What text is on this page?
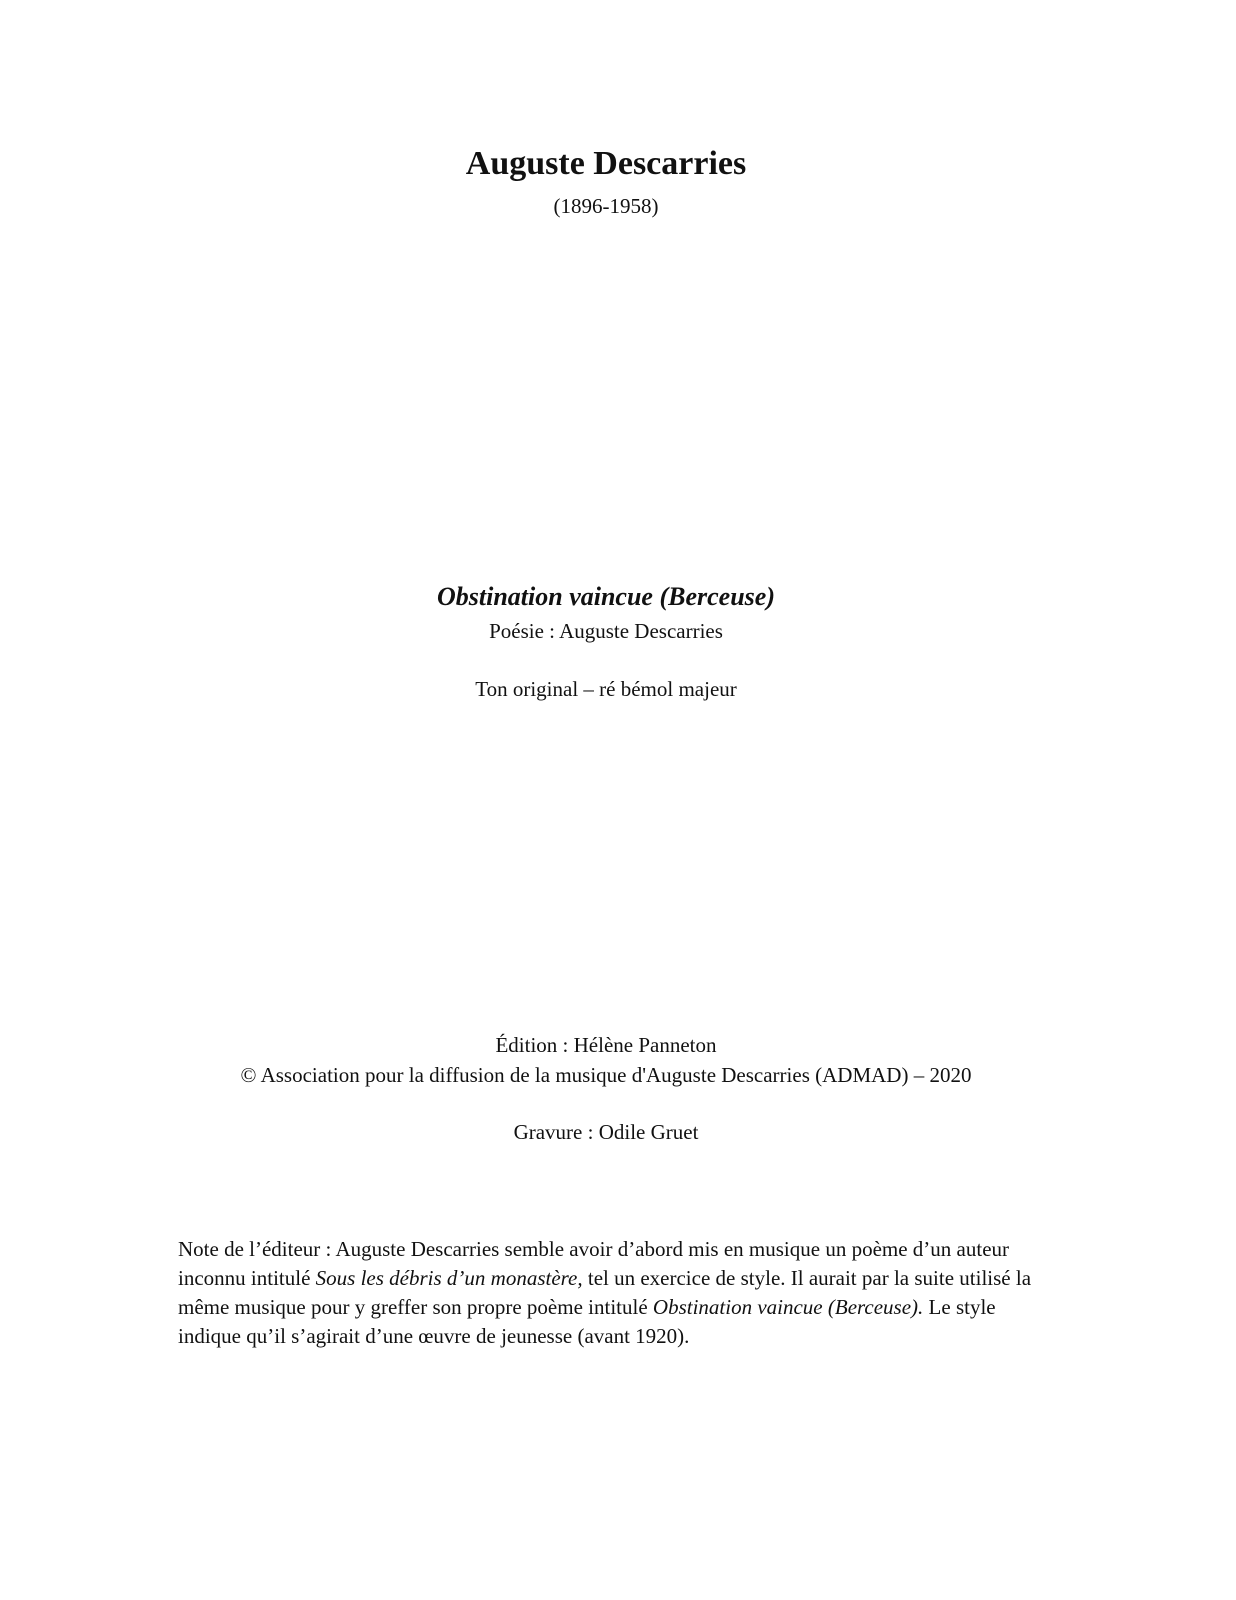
Auguste Descarries
(1896-1958)
Obstination vaincue (Berceuse)
Poésie : Auguste Descarries
Ton original – ré bémol majeur
Édition : Hélène Panneton
© Association pour la diffusion de la musique d'Auguste Descarries (ADMAD) – 2020
Gravure : Odile Gruet

Note de l’éditeur : Auguste Descarries semble avoir d’abord mis en musique un poème d’un auteur inconnu intitulé Sous les débris d’un monastère, tel un exercice de style. Il aurait par la suite utilisé la même musique pour y greffer son propre poème intitulé Obstination vaincue (Berceuse). Le style indique qu’il s’agirait d’une œuvre de jeunesse (avant 1920).
